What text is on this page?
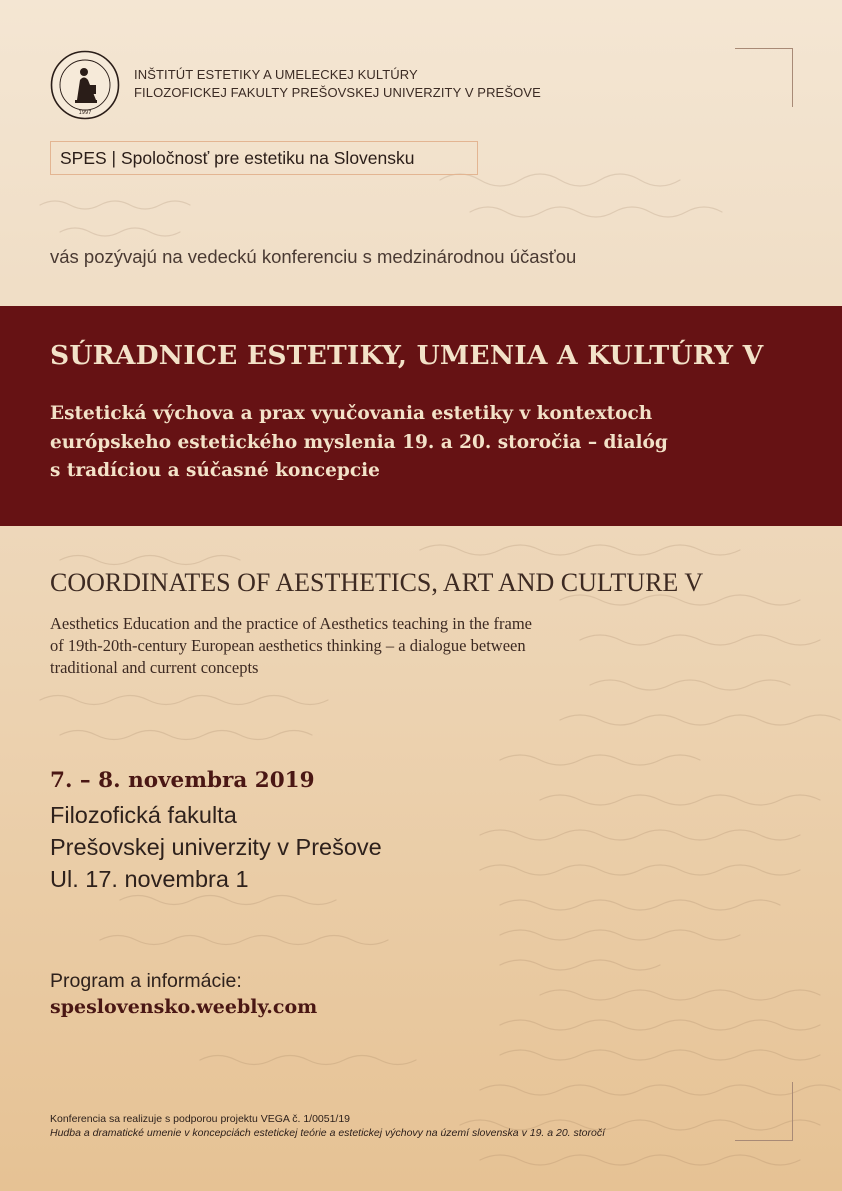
1997
INŠTITÚT ESTETIKY A UMELECKEJ KULTÚRY
FILOZOFICKEJ FAKULTY PREŠOVSKEJ UNIVERZITY V PREŠOVE
SPES | Spoločnosť pre estetiku na Slovensku
vás pozývajú na vedeckú konferenciu s medzinárodnou účasťou
SÚRADNICE ESTETIKY, UMENIA A KULTÚRY V
Estetická výchova a prax vyučovania estetiky v kontextoch
európskeho estetického myslenia 19. a 20. storočia – dialóg
s tradíciou a súčasné koncepcie
COORDINATES OF AESTHETICS, ART AND CULTURE V
Aesthetics Education and the practice of Aesthetics teaching in the frame
of 19th-20th-century European aesthetics thinking – a dialogue between
traditional and current concepts
7. – 8. novembra 2019
Filozofická fakulta
Prešovskej univerzity v Prešove
Ul. 17. novembra 1
Program a informácie:
speslovensko.weebly.com
Konferencia sa realizuje s podporou projektu VEGA č. 1/0051/19
Hudba a dramatické umenie v koncepciách estetickej teórie a estetickej výchovy na území slovenska v 19. a 20. storočí
